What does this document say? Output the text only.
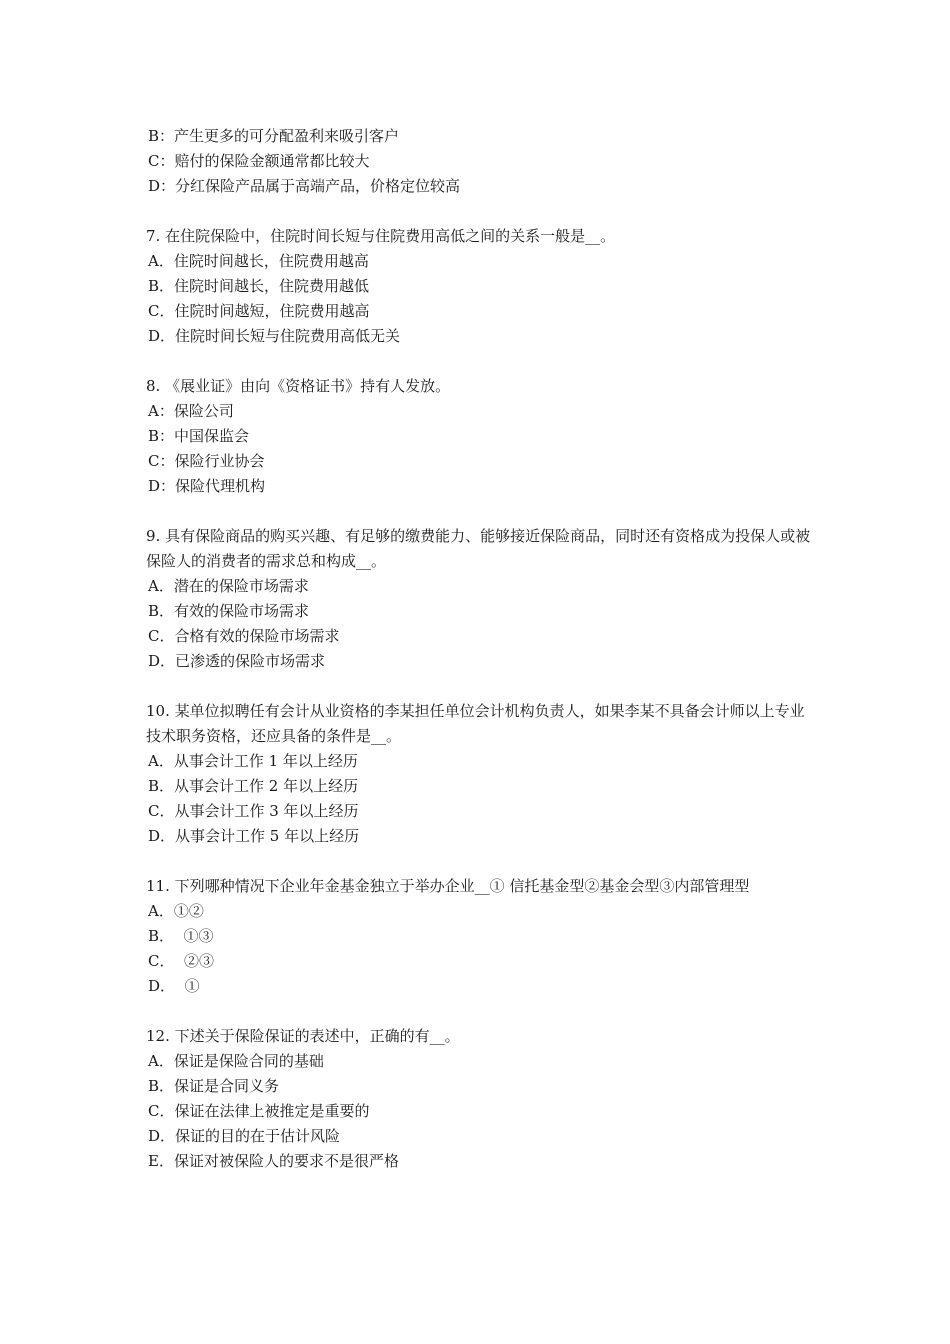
B：产生更多的可分配盈利来吸引客户
C：赔付的保险金额通常都比较大
D：分红保险产品属于高端产品，价格定位较高
7. 在住院保险中，住院时间长短与住院费用高低之间的关系一般是__。
A．住院时间越长，住院费用越高
B．住院时间越长，住院费用越低
C．住院时间越短，住院费用越高
D．住院时间长短与住院费用高低无关
8. 《展业证》由向《资格证书》持有人发放。
A：保险公司
B：中国保监会
C：保险行业协会
D：保险代理机构
9. 具有保险商品的购买兴趣、有足够的缴费能力、能够接近保险商品，同时还有资格成为投保人或被保险人的消费者的需求总和构成__。
A．潜在的保险市场需求
B．有效的保险市场需求
C．合格有效的保险市场需求
D．已渗透的保险市场需求
10. 某单位拟聘任有会计从业资格的李某担任单位会计机构负责人，如果李某不具备会计师以上专业技术职务资格，还应具备的条件是__。
A．从事会计工作 1 年以上经历
B．从事会计工作 2 年以上经历
C．从事会计工作 3 年以上经历
D．从事会计工作 5 年以上经历
11. 下列哪种情况下企业年金基金独立于举办企业__① 信托基金型②基金会型③内部管理型
A．①②
B．  ①③
C．  ②③
D．  ①
12. 下述关于保险保证的表述中，正确的有__。
A．保证是保险合同的基础
B．保证是合同义务
C．保证在法律上被推定是重要的
D．保证的目的在于估计风险
E．保证对被保险人的要求不是很严格
